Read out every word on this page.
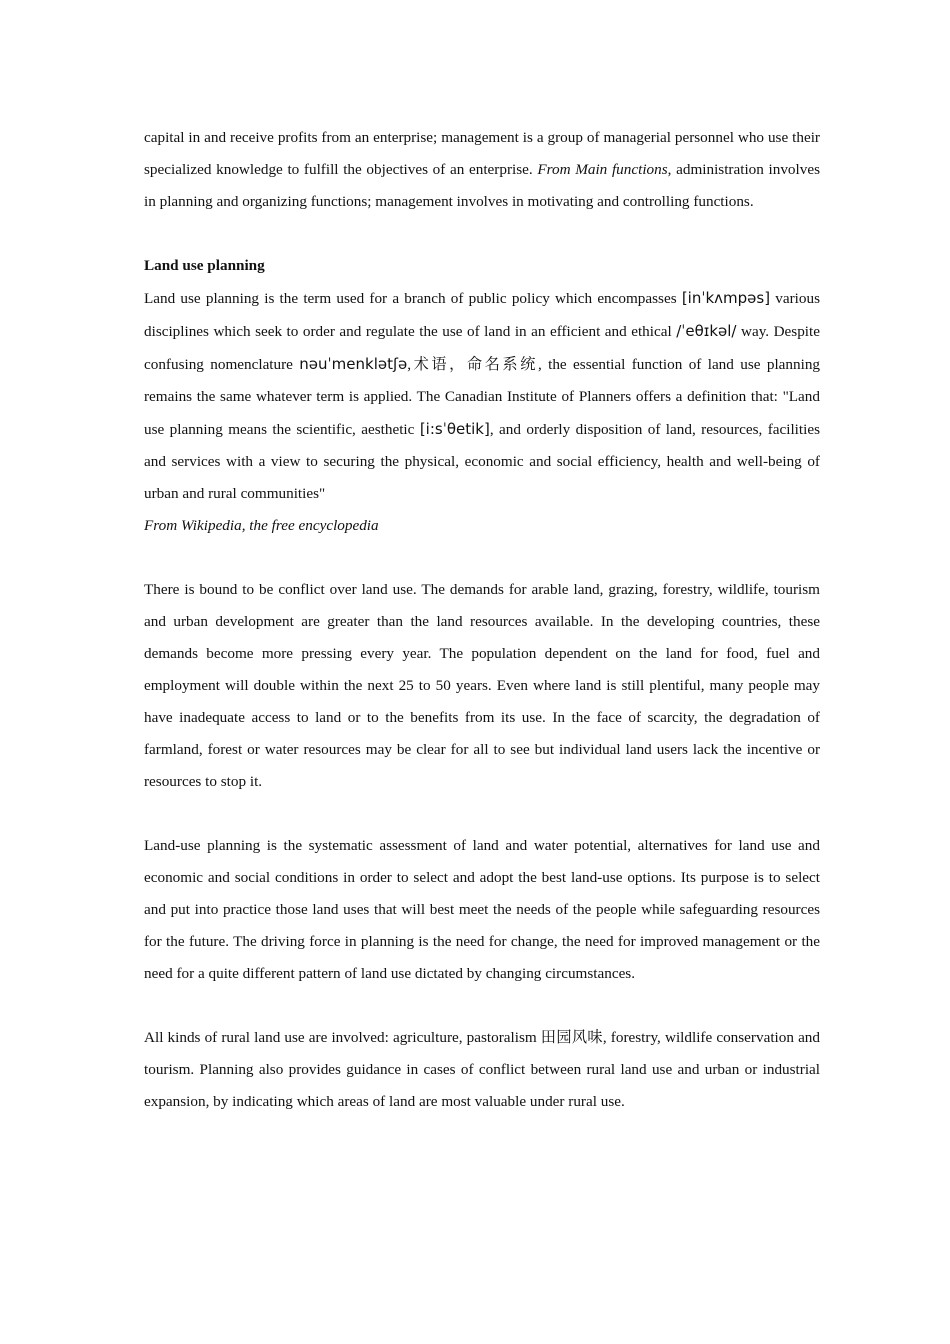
capital in and receive profits from an enterprise; management is a group of managerial personnel who use their specialized knowledge to fulfill the objectives of an enterprise. From Main functions, administration involves in planning and organizing functions; management involves in motivating and controlling functions.

Land use planning

Land use planning is the term used for a branch of public policy which encompasses [inˈkʌmpəs] various disciplines which seek to order and regulate the use of land in an efficient and ethical /ˈeθɪkəl/ way. Despite confusing nomenclature nəuˈmenklətʃə,术语，命名系统, the essential function of land use planning remains the same whatever term is applied. The Canadian Institute of Planners offers a definition that: "Land use planning means the scientific, aesthetic [i:sˈθetik], and orderly disposition of land, resources, facilities and services with a view to securing the physical, economic and social efficiency, health and well-being of urban and rural communities"
From Wikipedia, the free encyclopedia

There is bound to be conflict over land use. The demands for arable land, grazing, forestry, wildlife, tourism and urban development are greater than the land resources available. In the developing countries, these demands become more pressing every year. The population dependent on the land for food, fuel and employment will double within the next 25 to 50 years. Even where land is still plentiful, many people may have inadequate access to land or to the benefits from its use. In the face of scarcity, the degradation of farmland, forest or water resources may be clear for all to see but individual land users lack the incentive or resources to stop it.

Land-use planning is the systematic assessment of land and water potential, alternatives for land use and economic and social conditions in order to select and adopt the best land-use options. Its purpose is to select and put into practice those land uses that will best meet the needs of the people while safeguarding resources for the future. The driving force in planning is the need for change, the need for improved management or the need for a quite different pattern of land use dictated by changing circumstances.

All kinds of rural land use are involved: agriculture, pastoralism 田园风味, forestry, wildlife conservation and tourism. Planning also provides guidance in cases of conflict between rural land use and urban or industrial expansion, by indicating which areas of land are most valuable under rural use.
